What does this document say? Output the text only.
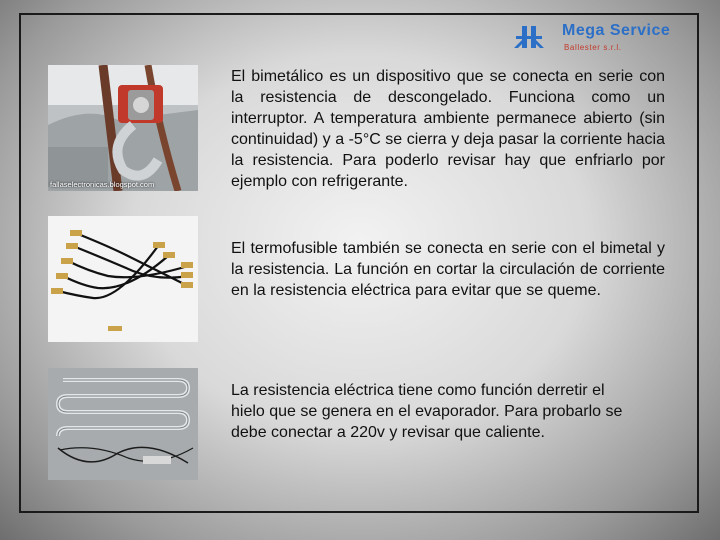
Mega Service
Ballester s.r.l.
fallaselectronicas.blogspot.com
El bimetálico es un dispositivo que se conecta en serie con la resistencia de descongelado. Funciona como un interruptor. A temperatura ambiente permanece abierto (sin continuidad) y a -5°C se cierra y deja pasar la corriente hacia la resistencia. Para poderlo revisar hay que enfriarlo por ejemplo con refrigerante.
El termofusible también se conecta en serie con el bimetal y la resistencia. La función en cortar la circulación de corriente en la resistencia eléctrica para evitar que se queme.
La resistencia eléctrica tiene como función derretir el hielo que se genera en el evaporador. Para probarlo se debe conectar a 220v y revisar que caliente.
